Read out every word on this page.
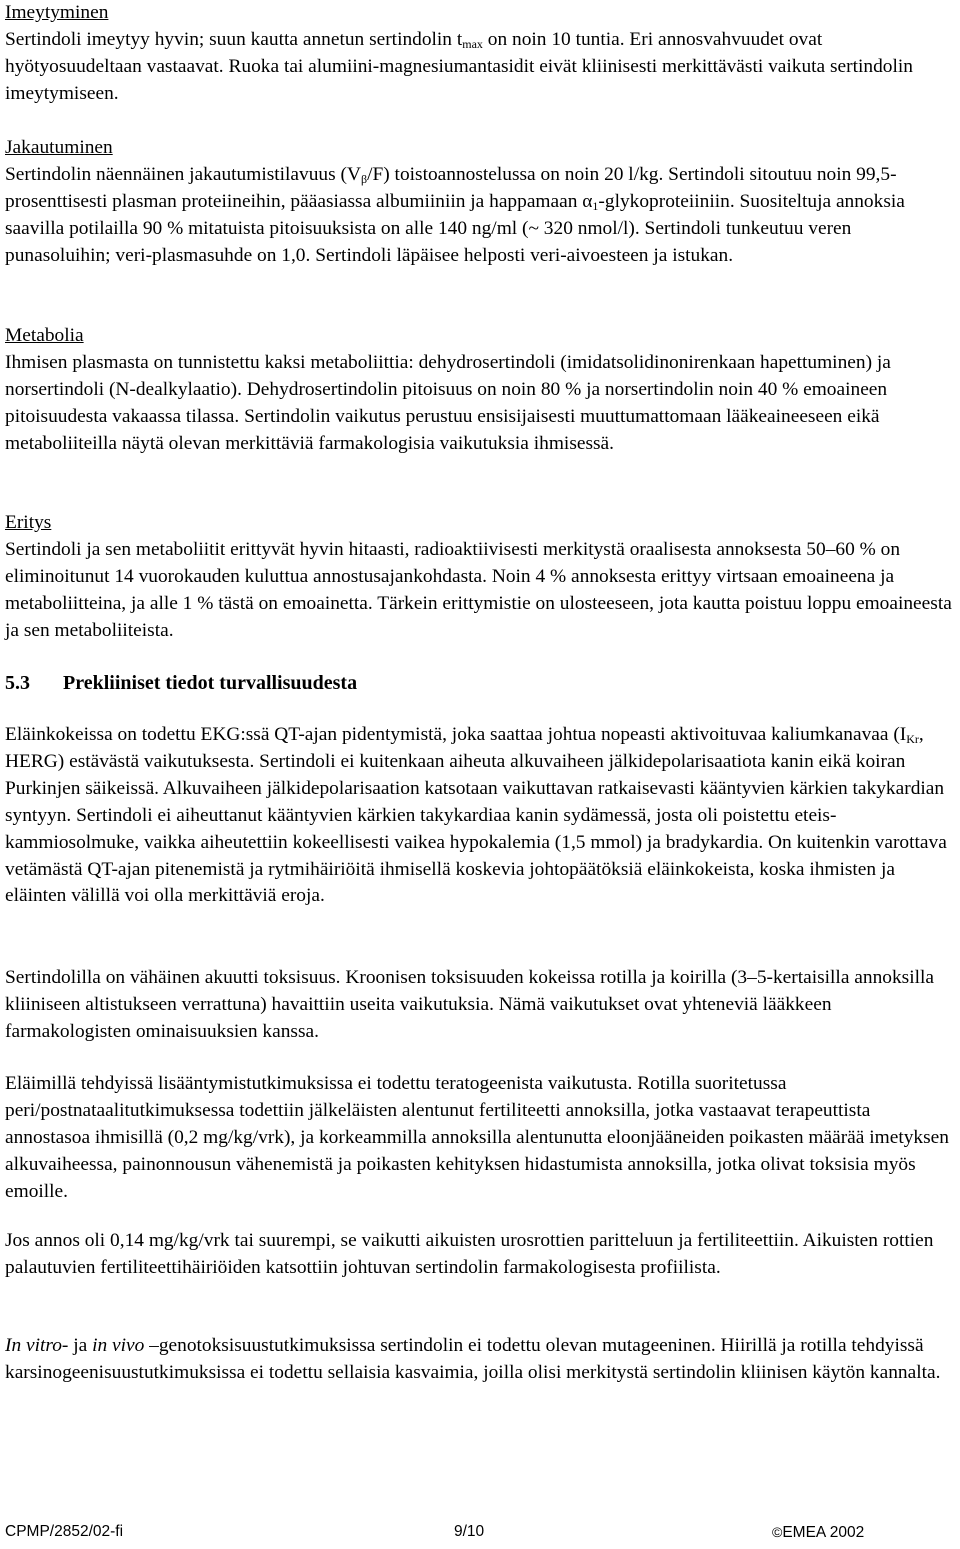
Imeytyminen
Sertindoli imeytyy hyvin; suun kautta annetun sertindolin $t_{max}$ on noin 10 tuntia. Eri annosvahvuudet ovat hyötyosuudeltaan vastaavat. Ruoka tai alumiini-magnesiumantasidit eivät kliinisesti merkittävästi vaikuta sertindolin imeytymiseen.

Jakautuminen
Sertindolin näennäinen jakautumistilavuus $(V_\beta/F)$ toistoannostelussa on noin 20 l/kg. Sertindoli sitoutuu noin 99,5-prosenttisesti plasman proteiineihin, pääasiassa albumiiniin ja happamaan $\alpha_1$-glykoproteiiniin. Suositeltuja annoksia saavilla potilailla 90 % mitatuista pitoisuuksista on alle 140 ng/ml (~ 320 nmol/l). Sertindoli tunkeutuu veren punasoluihin; veri-plasmasuhde on 1,0. Sertindoli läpäisee helposti veri-aivoesteen ja istukan.

Metabolia
Ihmisen plasmasta on tunnistettu kaksi metaboliittia: dehydrosertindoli (imidatsolidinonirenkaan hapettuminen) ja norsertindoli (N-dealkylaatio). Dehydrosertindolin pitoisuus on noin 80 % ja norsertindolin noin 40 % emoaineen pitoisuudesta vakaassa tilassa. Sertindolin vaikutus perustuu ensisijaisesti muuttumattomaan lääkeaineeseen eikä metaboliiteilla näytä olevan merkittäviä farmakologisia vaikutuksia ihmisessä.

Eritys
Sertindoli ja sen metaboliitit erittyvät hyvin hitaasti, radioaktiivisesti merkitystä oraalisesta annoksesta 50–60 % on eliminoitunut 14 vuorokauden kuluttua annostusajankohdasta. Noin 4 % annoksesta erittyy virtsaan emoaineena ja metaboliitteina, ja alle 1 % tästä on emoainetta. Tärkein erittymistie on ulosteeseen, jota kautta poistuu loppu emoaineesta ja sen metaboliiteista.

5.3 Prekliiniset tiedot turvallisuudesta

Eläinkokeissa on todettu EKG:ssä QT-ajan pidentymistä, joka saattaa johtua nopeasti aktivoituvaa kaliumkanavaa ($I_{Kr}$, HERG) estävästä vaikutuksesta. Sertindoli ei kuitenkaan aiheuta alkuvaiheen jälkidepolarisaatiota kanin eikä koiran Purkinjen säikeissä. Alkuvaiheen jälkidepolarisaation katsotaan vaikuttavan ratkaisevasti kääntyvien kärkien takykardian syntyyn. Sertindoli ei aiheuttanut kääntyvien kärkien takykardiaa kanin sydämessä, josta oli poistettu eteis-kammiosolmuke, vaikka aiheutettiin kokeellisesti vaikea hypokalemia (1,5 mmol) ja bradykardia. On kuitenkin varottava vetämästä QT-ajan pitenemistä ja rytmihäiriöitä ihmisellä koskevia johtopäätöksiä eläinkokeista, koska ihmisten ja eläinten välillä voi olla merkittäviä eroja.

Sertindolilla on vähäinen akuutti toksisuus. Kroonisen toksisuuden kokeissa rotilla ja koirilla (3–5-kertaisilla annoksilla kliiniseen altistukseen verrattuna) havaittiin useita vaikutuksia. Nämä vaikutukset ovat yhteneviä lääkkeen farmakologisten ominaisuuksien kanssa.

Eläimillä tehdyissä lisääntymistutkimuksissa ei todettu teratogeenista vaikutusta. Rotilla suoritetussa peri/postnataalitutkimuksessa todettiin jälkeläisten alentunut fertiliteetti annoksilla, jotka vastaavat terapeuttista annostasoa ihmisillä (0,2 mg/kg/vrk), ja korkeammilla annoksilla alentunutta eloonjääneiden poikasten määrää imetyksen alkuvaiheessa, painonnousun vähenemistä ja poikasten kehityksen hidastumista annoksilla, jotka olivat toksisia myös emoille.

Jos annos oli 0,14 mg/kg/vrk tai suurempi, se vaikutti aikuisten urosrottien paritteluun ja fertiliteettiin. Aikuisten rottien palautuvien fertiliteettihäiriöiden katsottiin johtuvan sertindolin farmakologisesta profiilista.

In vitro- ja in vivo –genotoksisuustutkimuksissa sertindolin ei todettu olevan mutageeninen. Hiirillä ja rotilla tehdyissä karsinogeenisuustutkimuksissa ei todettu sellaisia kasvaimia, joilla olisi merkitystä sertindolin kliinisen käytön kannalta.

CPMP/2852/02-fi	9/10	©EMEA 2002
